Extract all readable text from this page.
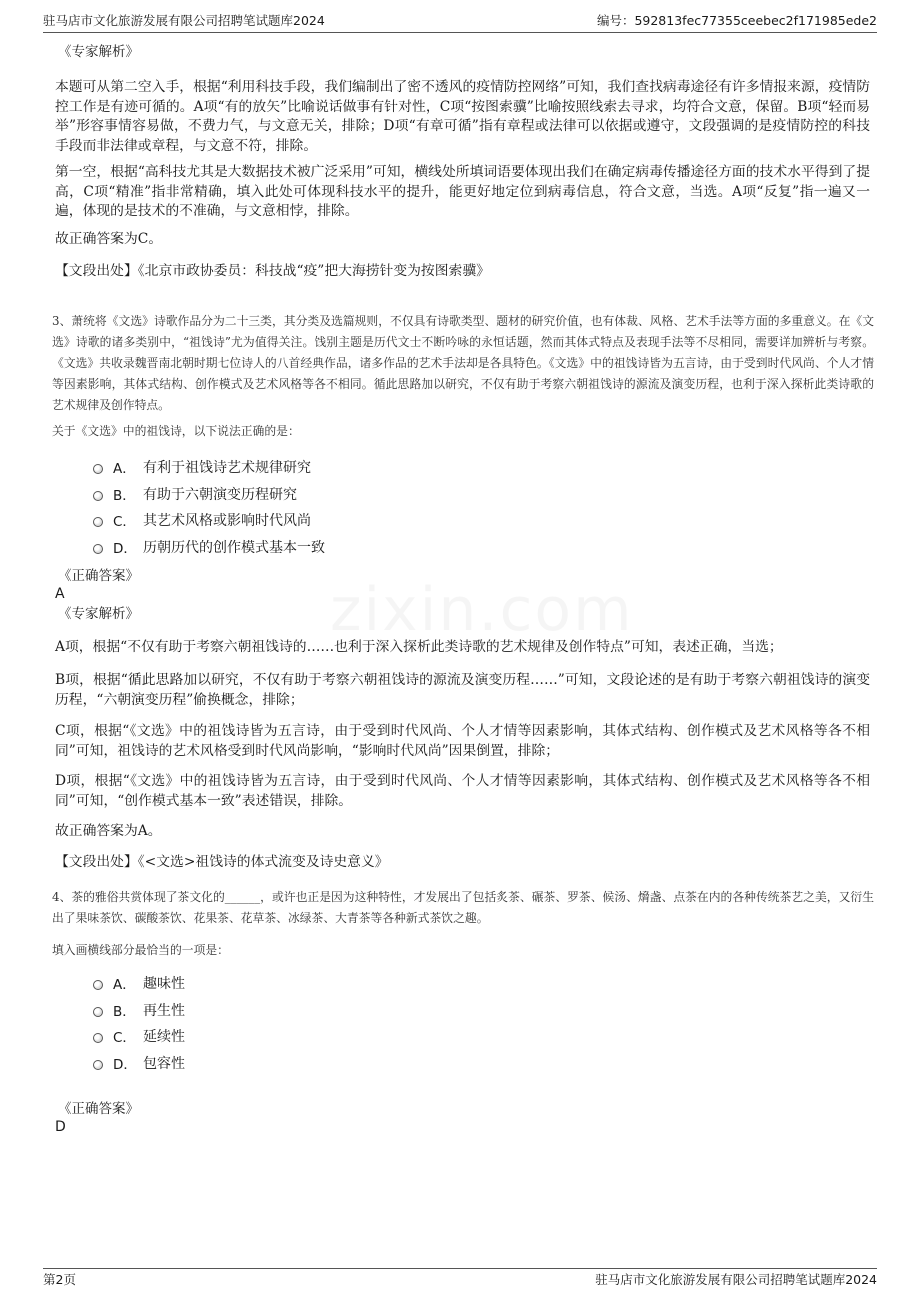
驻马店市文化旅游发展有限公司招聘笔试题库2024	编号：592813fec77355ceebec2f171985ede2

《专家解析》

本题可从第二空入手，根据“利用科技手段，我们编制出了密不透风的疫情防控网络”可知，我们查找病毒途径有许多情报来源，疫情防控工作是有迹可循的。A项“有的放矢”比喻说话做事有针对性，C项“按图索骥”比喻按照线索去寻求，均符合文意，保留。B项“轻而易举”形容事情容易做，不费力气，与文意无关，排除；D项“有章可循”指有章程或法律可以依据或遵守，文段强调的是疫情防控的科技手段而非法律或章程，与文意不符，排除。

第一空，根据“高科技尤其是大数据技术被广泛采用”可知，横线处所填词语要体现出我们在确定病毒传播途径方面的技术水平得到了提高，C项“精准”指非常精确，填入此处可体现科技水平的提升，能更好地定位到病毒信息，符合文意，当选。A项“反复”指一遍又一遍，体现的是技术的不准确，与文意相悖，排除。

故正确答案为C。

【文段出处】《北京市政协委员：科技战“疫”把大海捞针变为按图索骥》

3、萧统将《文选》诗歌作品分为二十三类，其分类及选篇规则，不仅具有诗歌类型、题材的研究价值，也有体裁、风格、艺术手法等方面的多重意义。在《文选》诗歌的诸多类别中，“祖饯诗”尤为值得关注。饯别主题是历代文士不断吟咏的永恒话题，然而其体式特点及表现手法等不尽相同，需要详加辨析与考察。《文选》共收录魏晋南北朝时期七位诗人的八首经典作品，诸多作品的艺术手法却是各具特色。《文选》中的祖饯诗皆为五言诗，由于受到时代风尚、个人才情等因素影响，其体式结构、创作模式及艺术风格等各不相同。循此思路加以研究，不仅有助于考察六朝祖饯诗的源流及演变历程，也利于深入探析此类诗歌的艺术规律及创作特点。

关于《文选》中的祖饯诗，以下说法正确的是：

A． 有利于祖饯诗艺术规律研究
B． 有助于六朝演变历程研究
C． 其艺术风格或影响时代风尚
D． 历朝历代的创作模式基本一致

《正确答案》

A

《专家解析》

A项，根据“不仅有助于考察六朝祖饯诗的……也利于深入探析此类诗歌的艺术规律及创作特点”可知，表述正确，当选；

B项，根据“循此思路加以研究，不仅有助于考察六朝祖饯诗的源流及演变历程……”可知，文段论述的是有助于考察六朝祖饯诗的演变历程，“六朝演变历程”偷换概念，排除；

C项，根据“《文选》中的祖饯诗皆为五言诗，由于受到时代风尚、个人才情等因素影响，其体式结构、创作模式及艺术风格等各不相同”可知，祖饯诗的艺术风格受到时代风尚影响，“影响时代风尚”因果倒置，排除；

D项，根据“《文选》中的祖饯诗皆为五言诗，由于受到时代风尚、个人才情等因素影响，其体式结构、创作模式及艺术风格等各不相同”可知，“创作模式基本一致”表述错误，排除。

故正确答案为A。

【文段出处】《<文选>祖饯诗的体式流变及诗史意义》

4、茶的雅俗共赏体现了茶文化的______，或许也正是因为这种特性，才发展出了包括炙茶、碾茶、罗茶、候汤、熁盏、点茶在内的各种传统茶艺之美，又衍生出了果味茶饮、碳酸茶饮、花果茶、花草茶、冰绿茶、大青茶等各种新式茶饮之趣。

填入画横线部分最恰当的一项是：

A． 趣味性
B． 再生性
C． 延续性
D． 包容性

《正确答案》

D

第2页	驻马店市文化旅游发展有限公司招聘笔试题库2024
